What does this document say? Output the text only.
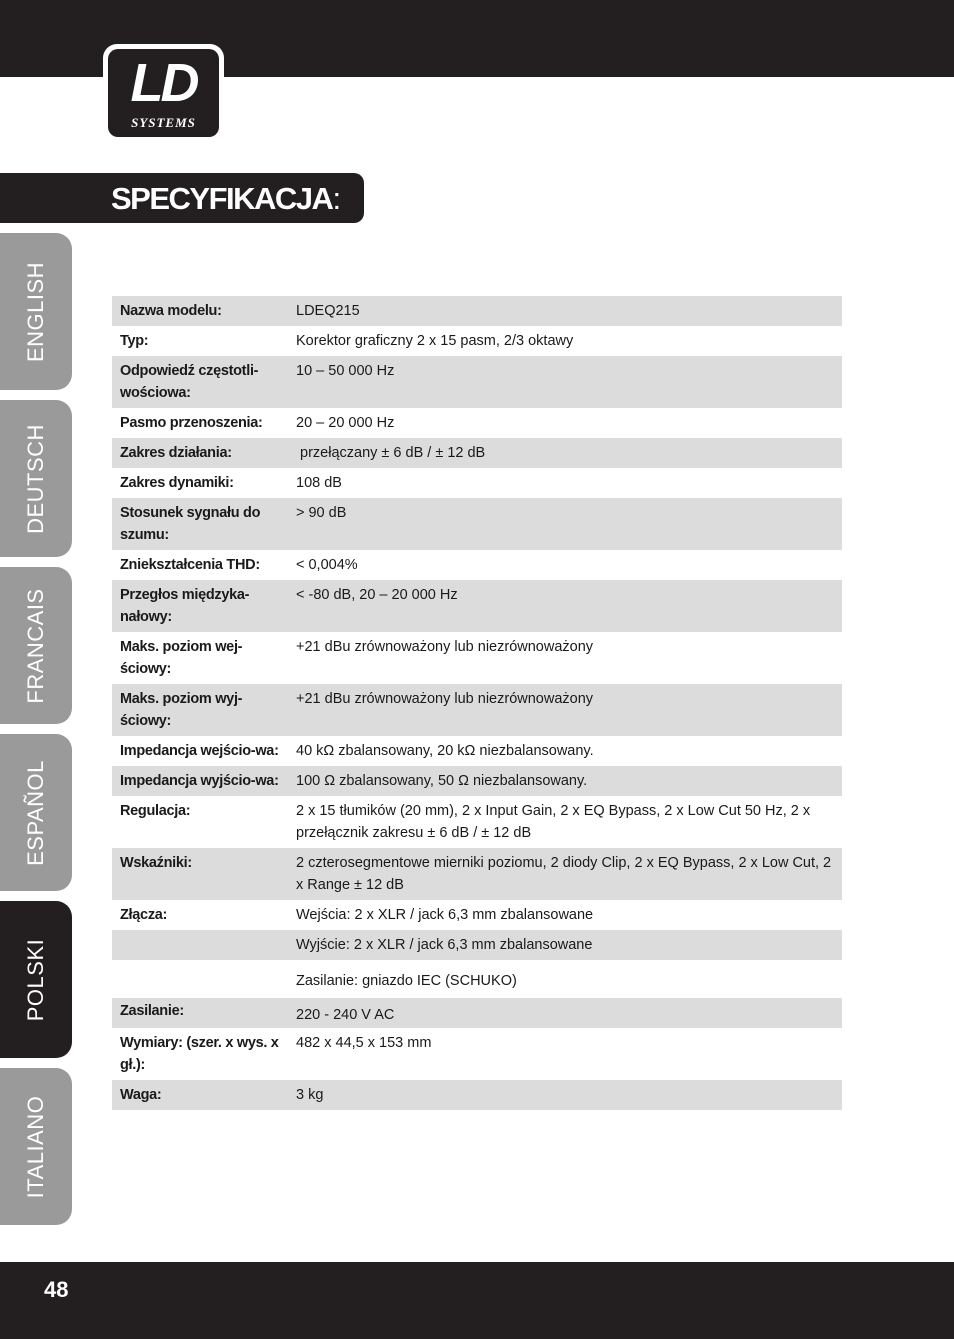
LD
SYSTEMS
SPECYFIKACJA:
ENGLISH
DEUTSCH
FRANCAIS
ESPAÑOL
POLSKI
ITALIANO
Nazwa modelu:	LDEQ215
Typ:	Korektor graficzny 2 x 15 pasm, 2/3 oktawy
Odpowiedź częstotli-wościowa:	10 – 50 000 Hz
Pasmo przenoszenia:	20 – 20 000 Hz
Zakres działania:	przełączany ± 6 dB / ± 12 dB
Zakres dynamiki:	108 dB
Stosunek sygnału do szumu:	> 90 dB
Zniekształcenia THD:	< 0,004%
Przegłos międzyka-nałowy:	< -80 dB, 20 – 20 000 Hz
Maks. poziom wej-ściowy:	+21 dBu zrównoważony lub niezrównoważony
Maks. poziom wyj-ściowy:	+21 dBu zrównoważony lub niezrównoważony
Impedancja wejścio-wa:	40 kΩ zbalansowany, 20 kΩ niezbalansowany.
Impedancja wyjścio-wa:	100 Ω zbalansowany, 50 Ω niezbalansowany.
Regulacja:	2 x 15 tłumików (20 mm), 2 x Input Gain, 2 x EQ Bypass, 2 x Low Cut 50 Hz, 2 x przełącznik zakresu ± 6 dB / ± 12 dB
Wskaźniki:	2 czterosegmentowe mierniki poziomu, 2 diody Clip, 2 x EQ Bypass, 2 x Low Cut, 2 x Range ± 12 dB
Złącza:	Wejścia: 2 x XLR / jack 6,3 mm zbalansowane
	Wyjście: 2 x XLR / jack 6,3 mm zbalansowane
	Zasilanie: gniazdo IEC (SCHUKO)
Zasilanie:	220 - 240 V AC
Wymiary: (szer. x wys. x gł.):	482 x 44,5 x 153 mm
Waga:	3 kg
48
